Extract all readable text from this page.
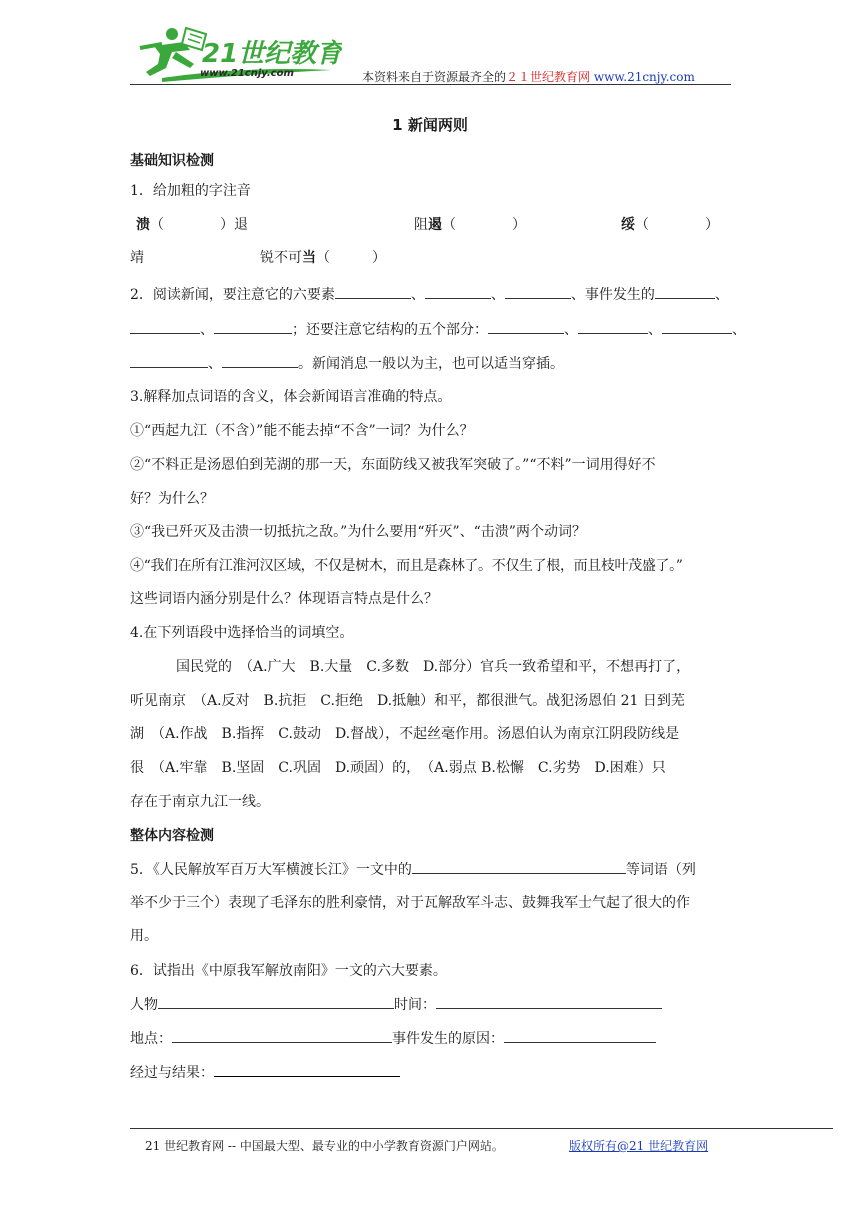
21世纪教育
www.21cnjy.com	本资料来自于资源最齐全的２１世纪教育网 www.21cnjy.com
1 新闻两则
基础知识检测
1．给加粗的字注音
溃（　　　　）退	阻遏（　　　　）	绥（　　　　）
靖	锐不可当（　　　）
2．阅读新闻，要注意它的六要素	、	、	、事件发生的	、
、	；还要注意它结构的五个部分：	、	、	、
、	。新闻消息一般以为主，也可以适当穿插。
3.解释加点词语的含义，体会新闻语言准确的特点。
①“西起九江（不含）”能不能去掉“不含”一词？为什么？
②“不料正是汤恩伯到芜湖的那一天，东面防线又被我军突破了。”“不料”一词用得好不
好？为什么？
③“我已歼灭及击溃一切抵抗之敌。”为什么要用“歼灭”、“击溃”两个动词？
④“我们在所有江淮河汉区域，不仅是树木，而且是森林了。不仅生了根，而且枝叶茂盛了。”
这些词语内涵分别是什么？体现语言特点是什么？
4.在下列语段中选择恰当的词填空。
国民党的　（A.广大　B.大量　C.多数　D.部分）官兵一致希望和平，不想再打了，
听见南京　（A.反对　B.抗拒　C.拒绝　D.抵触）和平，都很泄气。战犯汤恩伯 21 日到芜
湖　（A.作战　B.指挥　C.鼓动　D.督战），不起丝毫作用。汤恩伯认为南京江阴段防线是
很　（A.牢靠　B.坚固　C.巩固　D.顽固）的，　（A.弱点 B.松懈　C.劣势　D.困难）只
存在于南京九江一线。
整体内容检测
5．《人民解放军百万大军横渡长江》一文中的	等词语（列
举不少于三个）表现了毛泽东的胜利豪情，对于瓦解敌军斗志、鼓舞我军士气起了很大的作
用。
6．试指出《中原我军解放南阳》一文的六大要素。
人物	时间：
地点：	事件发生的原因：
经过与结果：
21 世纪教育网 -- 中国最大型、最专业的中小学教育资源门户网站。	版权所有@21 世纪教育网
